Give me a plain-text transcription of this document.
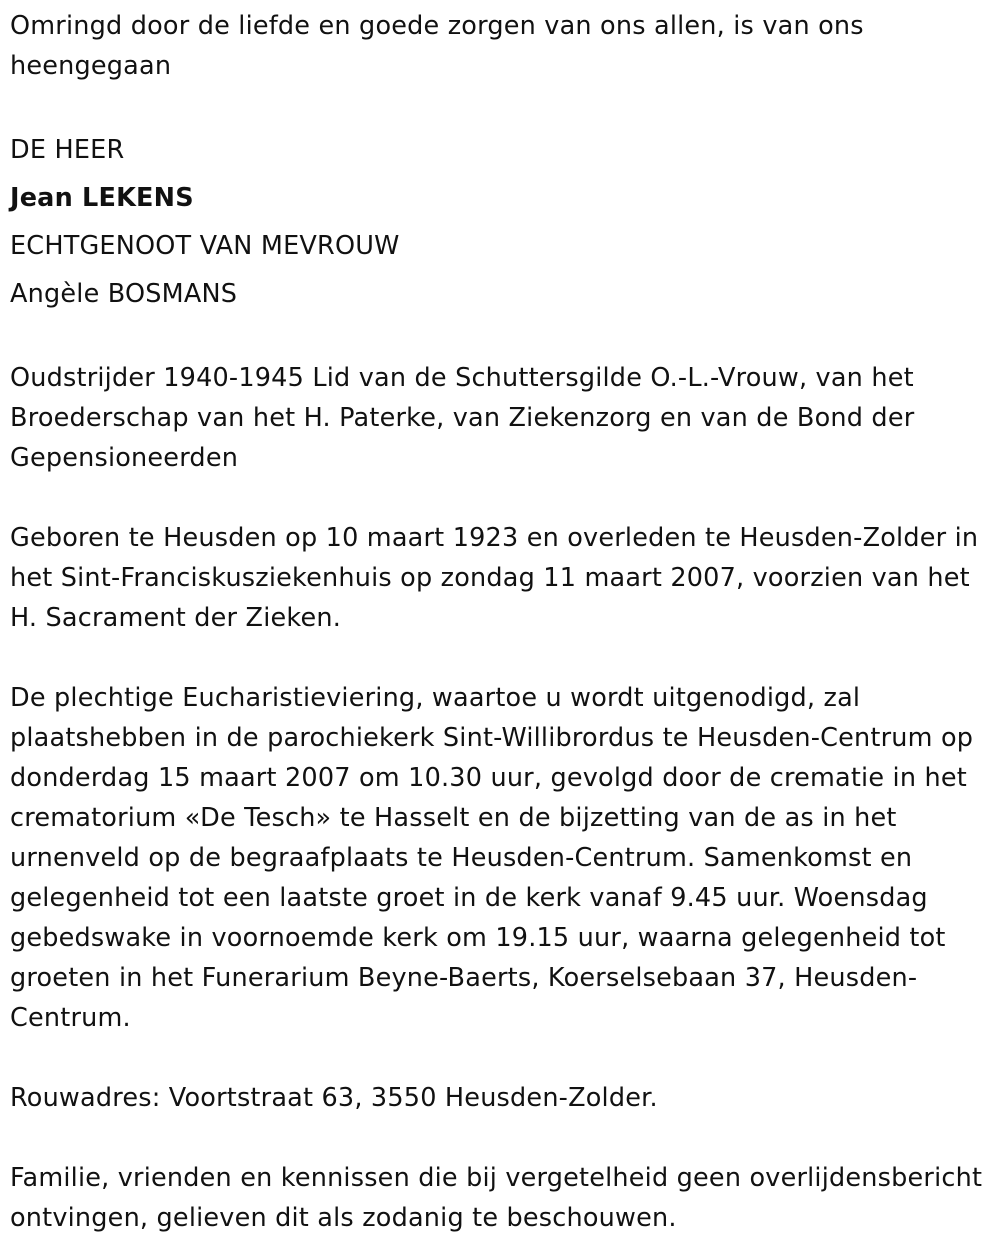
Omringd door de liefde en goede zorgen van ons allen, is van ons heengegaan

DE HEER

Jean LEKENS

ECHTGENOOT VAN MEVROUW

Angèle BOSMANS

Oudstrijder 1940-1945 Lid van de Schuttersgilde O.-L.-Vrouw, van het Broederschap van het H. Paterke, van Ziekenzorg en van de Bond der Gepensioneerden

Geboren te Heusden op 10 maart 1923 en overleden te Heusden-Zolder in het Sint-Franciskusziekenhuis op zondag 11 maart 2007, voorzien van het H. Sacrament der Zieken.

De plechtige Eucharistieviering, waartoe u wordt uitgenodigd, zal plaatshebben in de parochiekerk Sint-Willibrordus te Heusden-Centrum op donderdag 15 maart 2007 om 10.30 uur, gevolgd door de crematie in het crematorium «De Tesch» te Hasselt en de bijzetting van de as in het urnenveld op de begraafplaats te Heusden-Centrum. Samenkomst en gelegenheid tot een laatste groet in de kerk vanaf 9.45 uur. Woensdag gebedswake in voornoemde kerk om 19.15 uur, waarna gelegenheid tot groeten in het Funerarium Beyne-Baerts, Koerselsebaan 37, Heusden-Centrum.

Rouwadres: Voortstraat 63, 3550 Heusden-Zolder.

Familie, vrienden en kennissen die bij vergetelheid geen overlijdensbericht ontvingen, gelieven dit als zodanig te beschouwen.
